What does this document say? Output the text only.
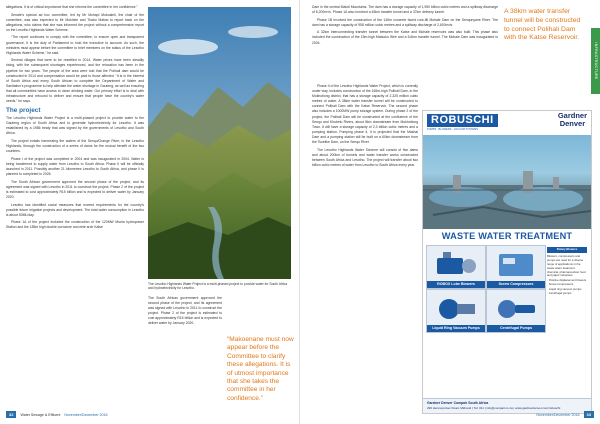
allegations. It is of critical importance that she informs the committee in her confidence.”

Senate's special ad hoc committee, led by Mr Mohapi Mokoaleli, the chair of the committee, was also expected to Mr Mokhele and Thabo Mafusi to report back on the allegations, who claims that she was informed the project without a comprehensive report on the Lesotho Highlands Water Scheme.

“The report continues to comply with the committee, to ensure open and transparent governance. It is the duty of Parliament to hold the executive to account. As such, the ministers must appear before the committee to brief members on the status of the Lesotho Highlands Water Scheme,” he said.

Several villages that were to be resettled in 2014. Water prices have been steadily rising, with the subsequent shortages experienced, and the relocation has been in the pipeline for two years. The people of the area were told that the Polihali dam would be constructed in 2014 and compensation would be paid to those affected. “It is in the interest of South Africa and every South African to complete the Department of Water and Sanitation's programme to help alleviate the water shortage in Gauteng, as well as ensuring that all communities have access to clean drinking water. Our primary effort is to deal with infrastructure and rebound to deliver and ensure that people have the country's water needs,” he says.

The project

The Lesotho Highlands Water Project is a multi-phased project to provide water to the Gauteng region of South Africa and to generate hydroelectricity for Lesotho. It was established by a 1986 treaty that was signed by the governments of Lesotho and South Africa.

The project entails harnessing the waters of the Senqu/Orange River, in the Lesotho Highlands, through the construction of a series of dams for the mutual benefit of the two countries.

Phase I of the project was completed in 2004 and was inaugurated in 2004. Water is being transferred to supply water from Lesotho to South Africa. Phase II will be officially launched in 2011. Possibly another 21 kilometres Lesotho to South Africa, and phase II is planned to completed in 2026.

The South African government approved the second phase of the project, and its agreement was signed with Lesotho in 2011 to construct the project. Phase 2 of the project is estimated to cost approximately R15 billion and is expected to deliver water by January 2020.

Lesotho has identified social measures that exceed requirements for the country's possible future irrigation projects and development. The total water consumption in Lesotho is about 50ML/day.

Phase 1A of the project included the construction of the 120MW Muela hydropower Station and the 185m high double curvature concrete arch Katse

The Lesotho Highlands Water Project is a multi-phased project to provide water for South Africa and hydroelectricity for Lesotho.

The South African government approved the second phase of the project, and its agreement was signed with Lesotho in 2011 to construct the project. Phase 2 of the project is estimated to cost approximately R15 billion and is expected to deliver water by January 2020.

“Makoenane must now appear before the Committee to clarify these allegations. It is of utmost importance that she takes the committee in her confidence.”
32	Water Sewage & Effluent November/December 2016

Dam in the central Maluti Mountains. The dam has a storage capacity of 1,950 billion cubic metres and a spillway discharge of 6,200m³/s. Phase 1A also involved a 45km transfer tunnel and a 37km delivery tunnel.

Phase 1B involved the construction of the 145m concrete faced rock-fill Mohale Dam on the Senqunyane River. The dam has a storage capacity of 958 million cubic metres and a spillway discharge of 2,600m³/s.

A 32km interconnecting transfer tunnel between the Katse and Mohale reservoirs was also built. This phase also included the construction of the 15m-high Matsoku Weir and a 5.6km transfer tunnel. The Mohale Dam was inaugurated in 2004.

Phase II of the Lesotho Highlands Water Project, which is currently under way, includes construction of the 165m-high Polihali Dam, in the Mokhotlong district, that has a storage capacity of 2,325 million cubic metres of water. A 38km water transfer tunnel will be constructed to connect Polihali Dam with the Katse Reservoir. The second phase also includes a 1000MW pump storage system. During phase 2 of the project, the Polihali Dam will be constructed at the confluence of the Senqu and Khubelu Rivers, about 8km downstream from Mokhotlong Town. It will have a storage capacity of 2,3 billion cubic metres and a pumping station. Pumping phase II, it is projected that the Mashai Dam and a pumping station will be built on a 60km downstream from the Tsoelike Dam, on the Senqu River.

The Lesotho Highlands Water Scheme will consist of five dams and about 200km of tunnels and water transfer works constructed between South Africa and Lesotho. The project will transfer about two billion cubic metres of water from Lesotho to South Africa every year.

A 38km water transfer tunnel will be constructed to connect Polihali Dam with the Katse Reservoir.
INFRASTRUCTURE
ROBUSCHI
PUMPS · BLOWERS · VACUUM SYSTEMS
Gardner
Denver
WASTE WATER TREATMENT
ROBOX Lobe Blowers	Screw Compressors
Liquid Ring Vacuum Pumps	Centrifugal Pumps
Rotary Blowers
Blowers, compressors and pumps are used for a diverse range of applications in the waste water treatment, chemical, pharmaceutical, food and paper industries.
· Positive displacement blowers
· Screw compressors
· Liquid ring vacuum pumps
· Centrifugal pumps
Gardner Denver Compair South Africa
290 Hennopsriver Road, Midrand | Tel: 011 | info@compair.co.za | www.gardnerdenver.com/robuschi
November/December 2016	33
